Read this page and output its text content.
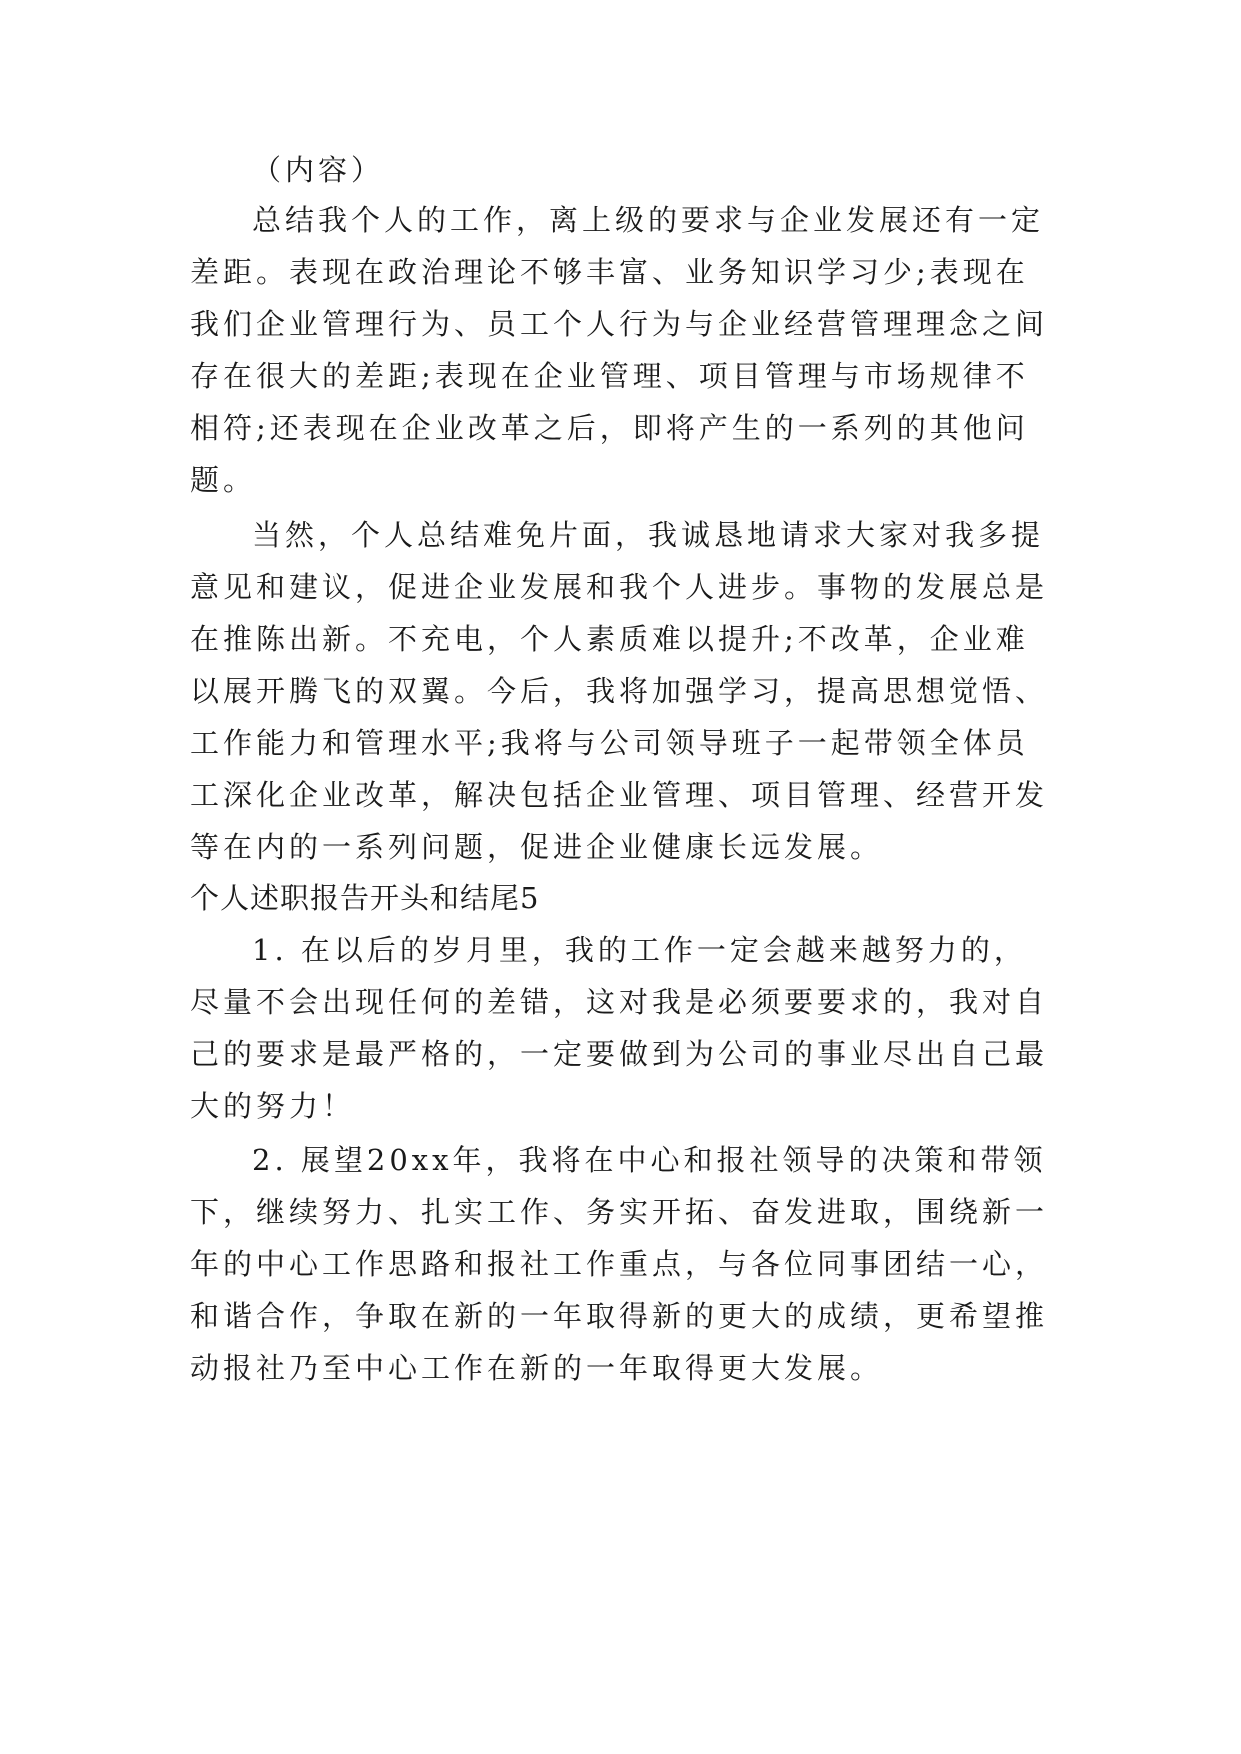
（内容）
总结我个人的工作，离上级的要求与企业发展还有一定
差距。表现在政治理论不够丰富、业务知识学习少;表现在
我们企业管理行为、员工个人行为与企业经营管理理念之间
存在很大的差距;表现在企业管理、项目管理与市场规律不
相符;还表现在企业改革之后，即将产生的一系列的其他问
题。
当然，个人总结难免片面，我诚恳地请求大家对我多提
意见和建议，促进企业发展和我个人进步。事物的发展总是
在推陈出新。不充电，个人素质难以提升;不改革，企业难
以展开腾飞的双翼。今后，我将加强学习，提高思想觉悟、
工作能力和管理水平;我将与公司领导班子一起带领全体员
工深化企业改革，解决包括企业管理、项目管理、经营开发
等在内的一系列问题，促进企业健康长远发展。
个人述职报告开头和结尾5
1. 在以后的岁月里，我的工作一定会越来越努力的，
尽量不会出现任何的差错，这对我是必须要要求的，我对自
己的要求是最严格的，一定要做到为公司的事业尽出自己最
大的努力！
2. 展望20xx年，我将在中心和报社领导的决策和带领
下，继续努力、扎实工作、务实开拓、奋发进取，围绕新一
年的中心工作思路和报社工作重点，与各位同事团结一心，
和谐合作，争取在新的一年取得新的更大的成绩，更希望推
动报社乃至中心工作在新的一年取得更大发展。
